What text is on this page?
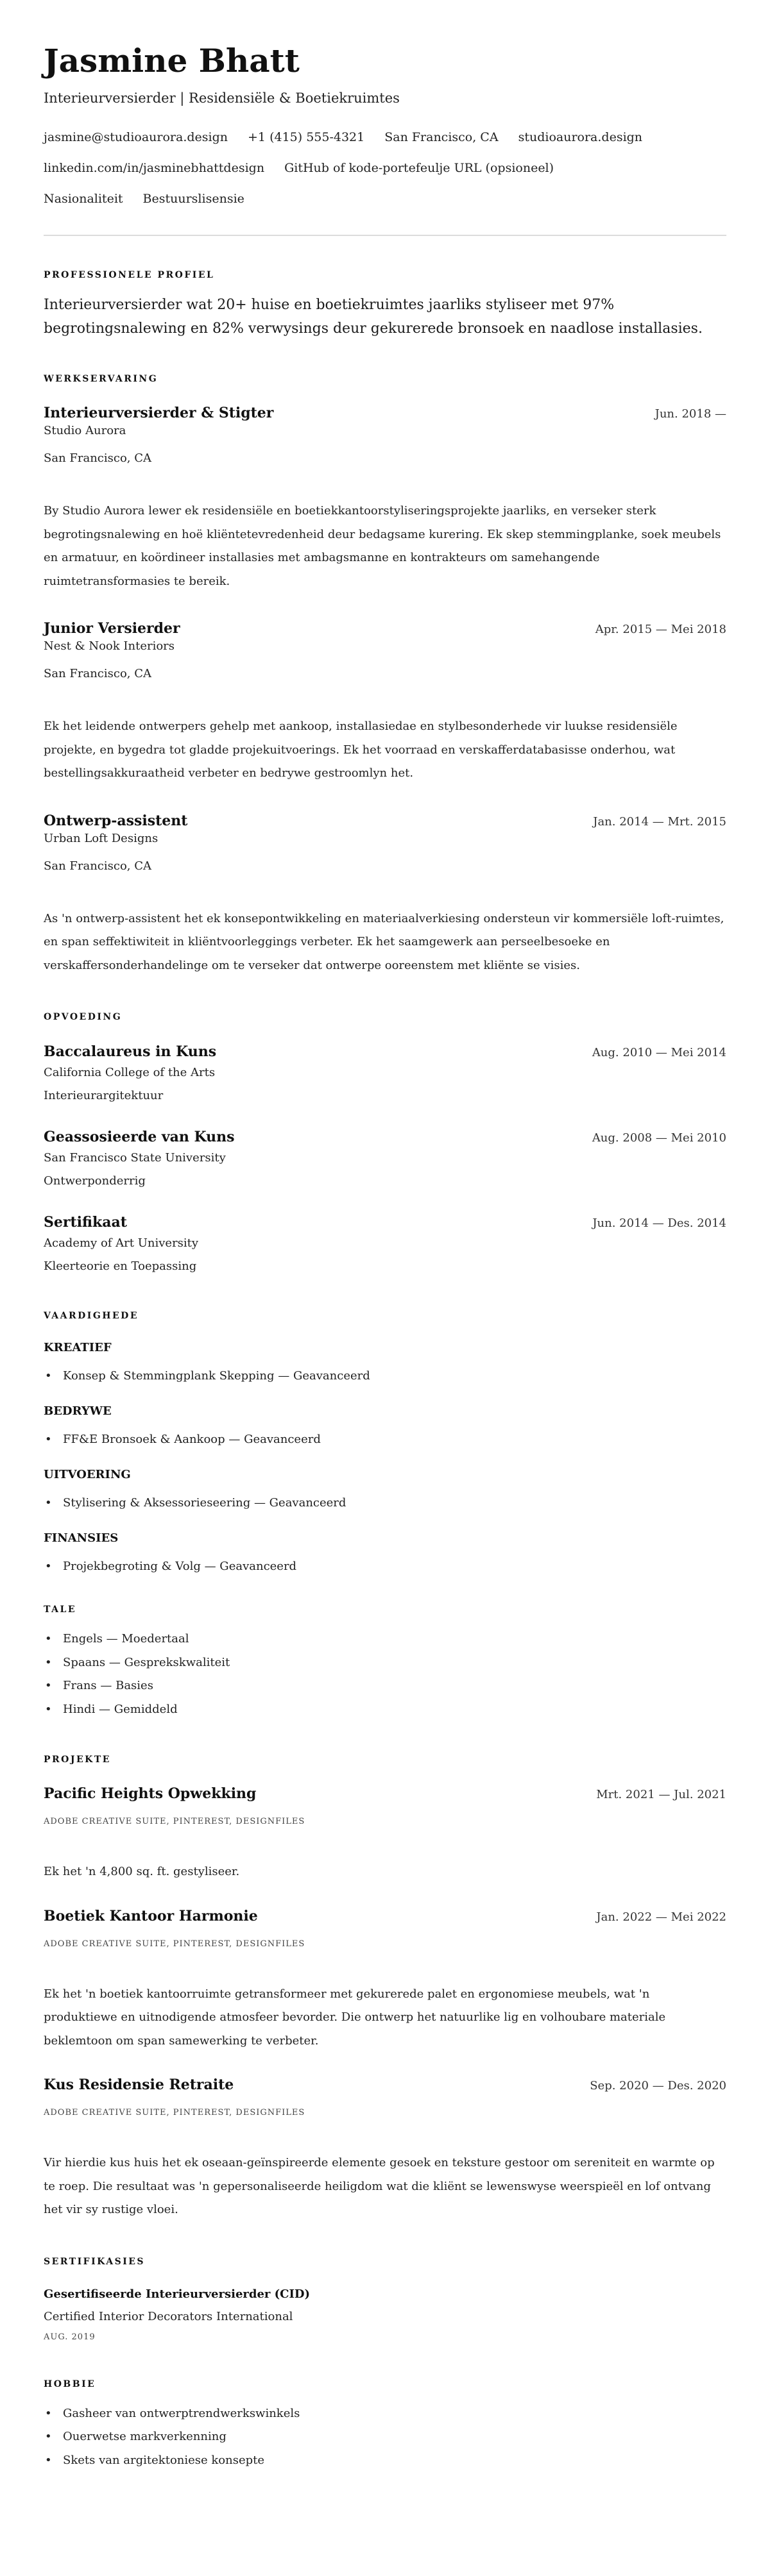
Jasmine Bhatt
Interieurversierder | Residensiële & Boetiekruimtes
jasmine@studioaurora.design +1 (415) 555-4321 San Francisco, CA studioaurora.design
linkedin.com/in/jasminebhattdesign GitHub of kode-portefeulje URL (opsioneel)
Nasionaliteit Bestuurslisensie
PROFESSIONELE PROFIEL

Interieurversierder wat 20+ huise en boetiekruimtes jaarliks styliseer met 97% begrotingsnalewing en 82% verwysings deur gekurerede bronsoek en naadlose installasies.

WERKSERVARING
Interieurversierder & Stigter	Jun. 2018 —
Studio Aurora
San Francisco, CA

By Studio Aurora lewer ek residensiële en boetiekkantoorstyliseringsprojekte jaarliks, en verseker sterk begrotingsnalewing en hoë kliëntetevredenheid deur bedagsame kurering. Ek skep stemmingplanke, soek meubels en armatuur, en koördineer installasies met ambagsmanne en kontrakteurs om samehangende ruimtetransformasies te bereik.

Junior Versierder	Apr. 2015 — Mei 2018
Nest & Nook Interiors
San Francisco, CA

Ek het leidende ontwerpers gehelp met aankoop, installasiedae en stylbesonderhede vir luukse residensiële projekte, en bygedra tot gladde projekuitvoerings. Ek het voorraad en verskafferdatabasisse onderhou, wat bestellingsakkuraatheid verbeter en bedrywe gestroomlyn het.

Ontwerp-assistent	Jan. 2014 — Mrt. 2015
Urban Loft Designs
San Francisco, CA

As 'n ontwerp-assistent het ek konsepontwikkeling en materiaalverkiesing ondersteun vir kommersiële loft-ruimtes, en span seffektiwiteit in kliëntvoorleggings verbeter. Ek het saamgewerk aan perseelbesoeke en verskaffersonderhandelinge om te verseker dat ontwerpe ooreenstem met kliënte se visies.

OPVOEDING
Baccalaureus in Kuns	Aug. 2010 — Mei 2014
California College of the Arts
Interieurargitektuur
Geassosieerde van Kuns	Aug. 2008 — Mei 2010
San Francisco State University
Ontwerponderrig
Sertifikaat	Jun. 2014 — Des. 2014
Academy of Art University
Kleerteorie en Toepassing
VAARDIGHEDE
KREATIEF
• Konsep & Stemmingplank Skepping — Geavanceerd
BEDRYWE
• FF&E Bronsoek & Aankoop — Geavanceerd
UITVOERING
• Stylisering & Aksessorieseering — Geavanceerd
FINANSIES
• Projekbegroting & Volg — Geavanceerd
TALE
• Engels — Moedertaal
• Spaans — Gesprekskwaliteit
• Frans — Basies
• Hindi — Gemiddeld
PROJEKTE
Pacific Heights Opwekking	Mrt. 2021 — Jul. 2021
ADOBE CREATIVE SUITE, PINTEREST, DESIGNFILES

Ek het 'n 4,800 sq. ft. gestyliseer.

Boetiek Kantoor Harmonie	Jan. 2022 — Mei 2022
ADOBE CREATIVE SUITE, PINTEREST, DESIGNFILES

Ek het 'n boetiek kantoorruimte getransformeer met gekurerede palet en ergonomiese meubels, wat 'n produktiewe en uitnodigende atmosfeer bevorder. Die ontwerp het natuurlike lig en volhoubare materiale beklemtoon om span samewerking te verbeter.

Kus Residensie Retraite	Sep. 2020 — Des. 2020
ADOBE CREATIVE SUITE, PINTEREST, DESIGNFILES

Vir hierdie kus huis het ek oseaan-geïnspireerde elemente gesoek en teksture gestoor om sereniteit en warmte op te roep. Die resultaat was 'n gepersonaliseerde heiligdom wat die kliënt se lewenswyse weerspieël en lof ontvang het vir sy rustige vloei.

SERTIFIKASIES
Gesertifiseerde Interieurversierder (CID)
Certified Interior Decorators International
AUG. 2019
HOBBIE
• Gasheer van ontwerptrendwerkswinkels
• Ouerwetse markverkenning
• Skets van argitektoniese konsepte
